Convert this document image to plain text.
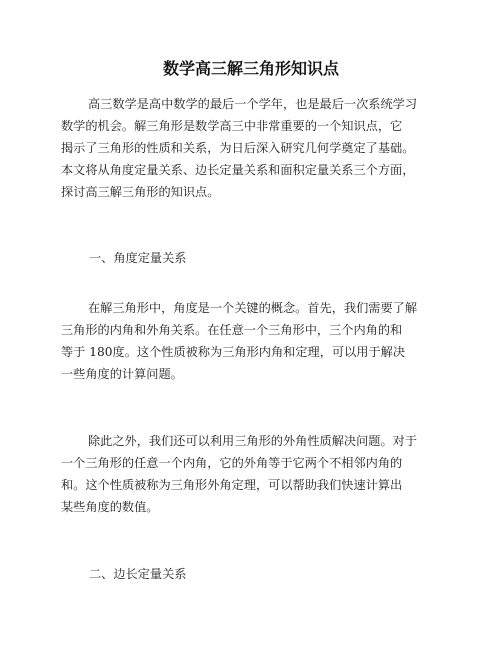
数学高三解三角形知识点
高三数学是高中数学的最后一个学年，也是最后一次系统学习
数学的机会。解三角形是数学高三中非常重要的一个知识点，它
揭示了三角形的性质和关系，为日后深入研究几何学奠定了基础。
本文将从角度定量关系、边长定量关系和面积定量关系三个方面，
探讨高三解三角形的知识点。
一、角度定量关系
在解三角形中，角度是一个关键的概念。首先，我们需要了解
三角形的内角和外角关系。在任意一个三角形中，三个内角的和
等于 180度。这个性质被称为三角形内角和定理，可以用于解决
一些角度的计算问题。
除此之外，我们还可以利用三角形的外角性质解决问题。对于
一个三角形的任意一个内角，它的外角等于它两个不相邻内角的
和。这个性质被称为三角形外角定理，可以帮助我们快速计算出
某些角度的数值。
二、边长定量关系
